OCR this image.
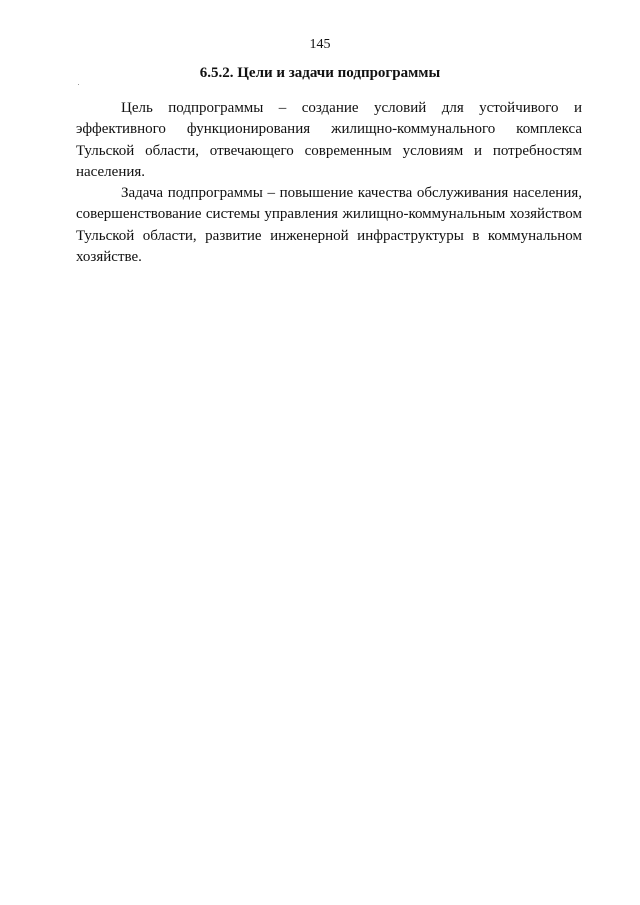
145
6.5.2. Цели и задачи подпрограммы

Цель подпрограммы – создание условий для устойчивого и эффективного функционирования жилищно-коммунального комплекса Тульской области, отвечающего современным условиям и потребностям населения.

Задача подпрограммы – повышение качества обслуживания населения, совершенствование системы управления жилищно-коммунальным хозяйством Тульской области, развитие инженерной инфраструктуры в коммунальном хозяйстве.
